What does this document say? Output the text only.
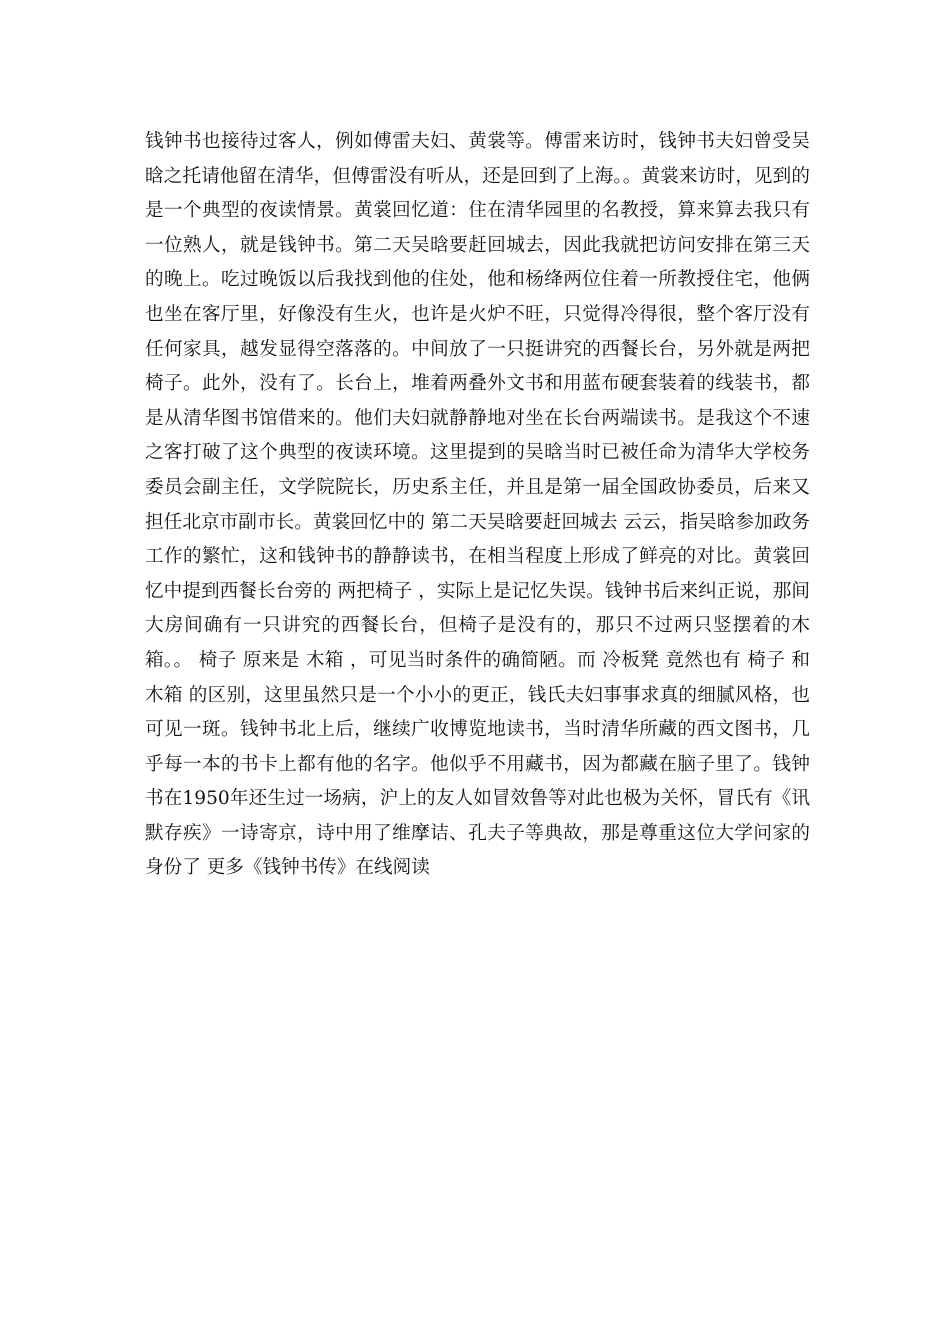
钱钟书也接待过客人，例如傅雷夫妇、黄裳等。傅雷来访时，钱钟书夫妇曾受吴晗之托请他留在清华，但傅雷没有听从，还是回到了上海。。黄裳来访时，见到的是一个典型的夜读情景。黄裳回忆道：住在清华园里的名教授，算来算去我只有一位熟人，就是钱钟书。第二天吴晗要赶回城去，因此我就把访问安排在第三天的晚上。吃过晚饭以后我找到他的住处，他和杨绛两位住着一所教授住宅，他俩也坐在客厅里，好像没有生火，也许是火炉不旺，只觉得冷得很，整个客厅没有任何家具，越发显得空落落的。中间放了一只挺讲究的西餐长台，另外就是两把椅子。此外，没有了。长台上，堆着两叠外文书和用蓝布硬套装着的线装书，都是从清华图书馆借来的。他们夫妇就静静地对坐在长台两端读书。是我这个不速之客打破了这个典型的夜读环境。这里提到的吴晗当时已被任命为清华大学校务委员会副主任，文学院院长，历史系主任，并且是第一届全国政协委员，后来又担任北京市副市长。黄裳回忆中的 第二天吴晗要赶回城去 云云，指吴晗参加政务工作的繁忙，这和钱钟书的静静读书，在相当程度上形成了鲜亮的对比。黄裳回忆中提到西餐长台旁的 两把椅子 ，实际上是记忆失误。钱钟书后来纠正说，那间大房间确有一只讲究的西餐长台，但椅子是没有的，那只不过两只竖摆着的木箱。。 椅子 原来是 木箱 ，可见当时条件的确简陋。而 冷板凳 竟然也有 椅子 和 木箱 的区别，这里虽然只是一个小小的更正，钱氏夫妇事事求真的细腻风格，也可见一斑。钱钟书北上后，继续广收博览地读书，当时清华所藏的西文图书，几乎每一本的书卡上都有他的名字。他似乎不用藏书，因为都藏在脑子里了。钱钟书在1950年还生过一场病，沪上的友人如冒效鲁等对此也极为关怀，冒氏有《讯默存疾》一诗寄京，诗中用了维摩诘、孔夫子等典故，那是尊重这位大学问家的身份了 更多《钱钟书传》在线阅读
